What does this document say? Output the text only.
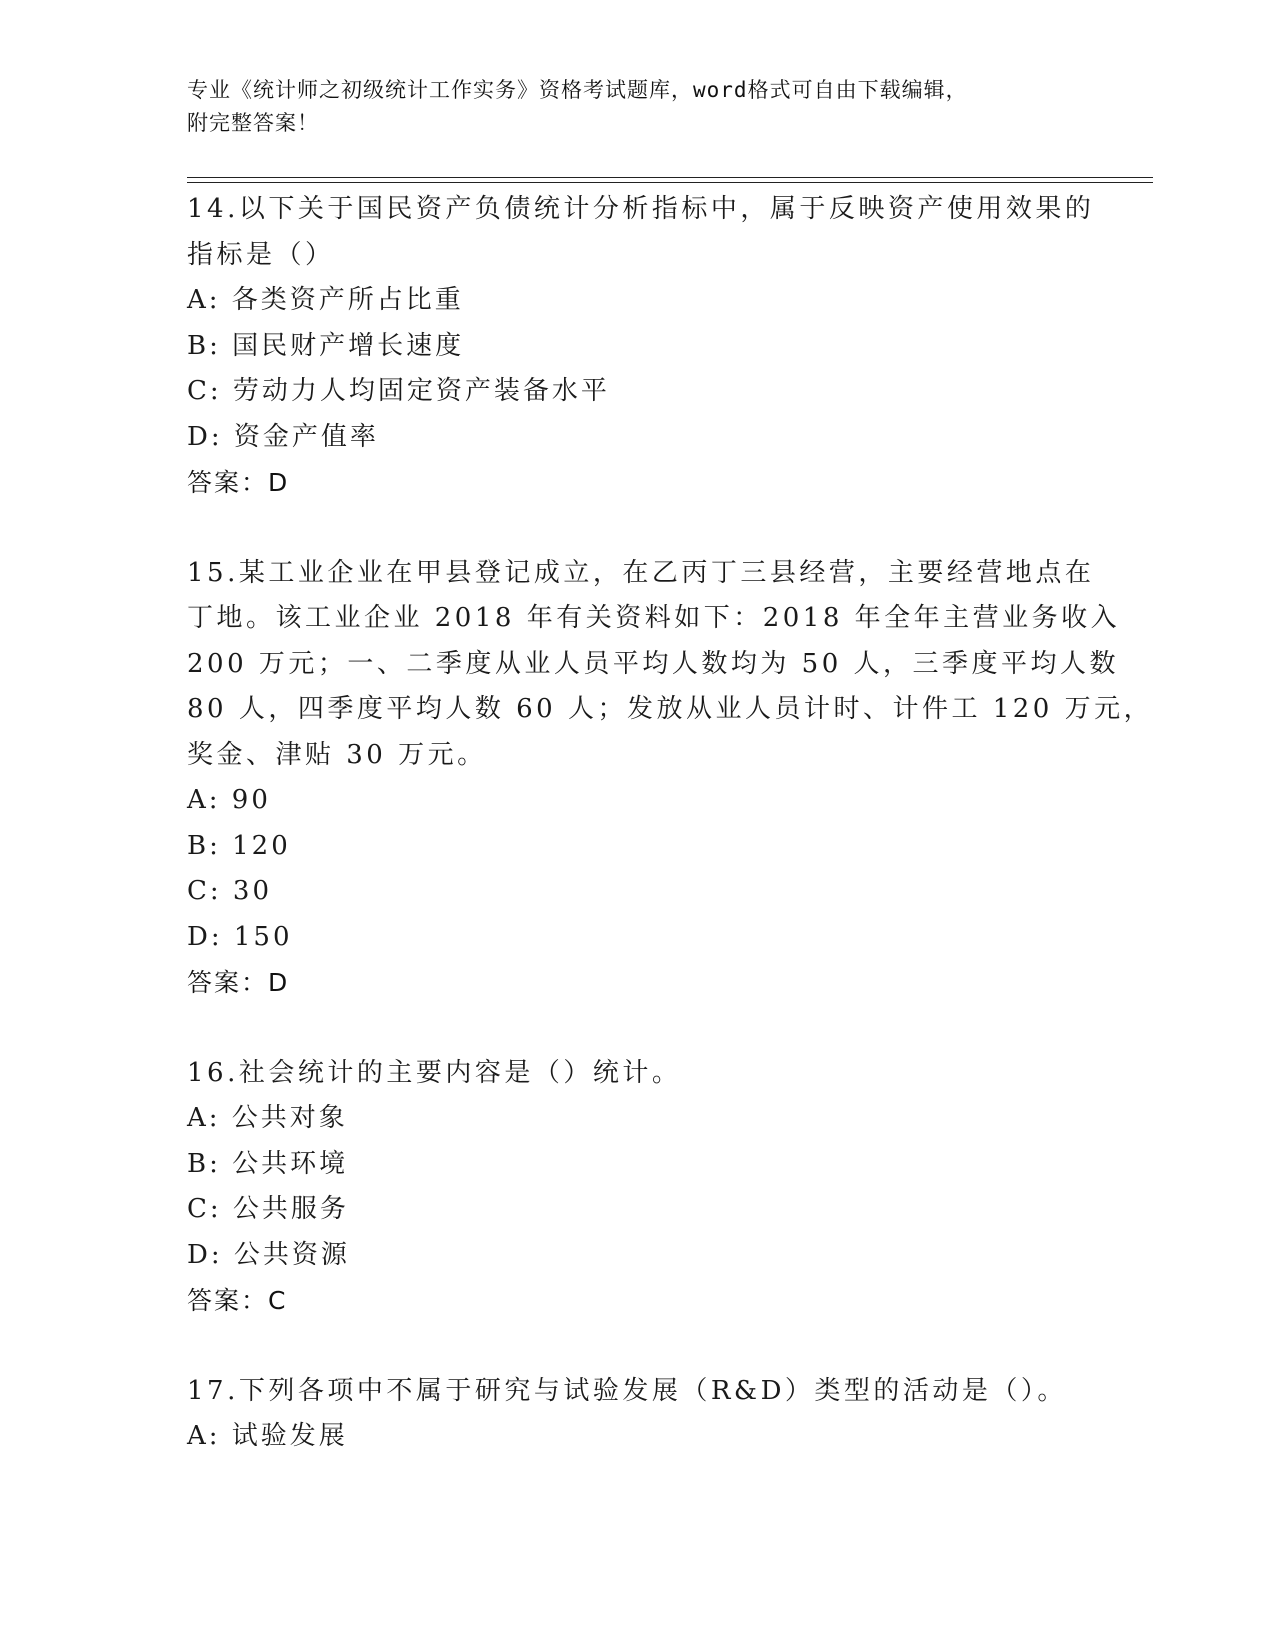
专业《统计师之初级统计工作实务》资格考试题库，word格式可自由下载编辑，

附完整答案！

14.以下关于国民资产负债统计分析指标中，属于反映资产使用效果的
指标是（）
A: 各类资产所占比重
B: 国民财产增长速度
C: 劳动力人均固定资产装备水平
D: 资金产值率
答案：D
15.某工业企业在甲县登记成立，在乙丙丁三县经营，主要经营地点在
丁地。该工业企业 2018 年有关资料如下：2018 年全年主营业务收入
200 万元；一、二季度从业人员平均人数均为 50 人，三季度平均人数
80 人，四季度平均人数 60 人；发放从业人员计时、计件工 120 万元，
奖金、津贴 30 万元。
A: 90
B: 120
C: 30
D: 150
答案：D
16.社会统计的主要内容是（）统计。
A: 公共对象
B: 公共环境
C: 公共服务
D: 公共资源
答案：C
17.下列各项中不属于研究与试验发展（R&D）类型的活动是（）。
A: 试验发展
